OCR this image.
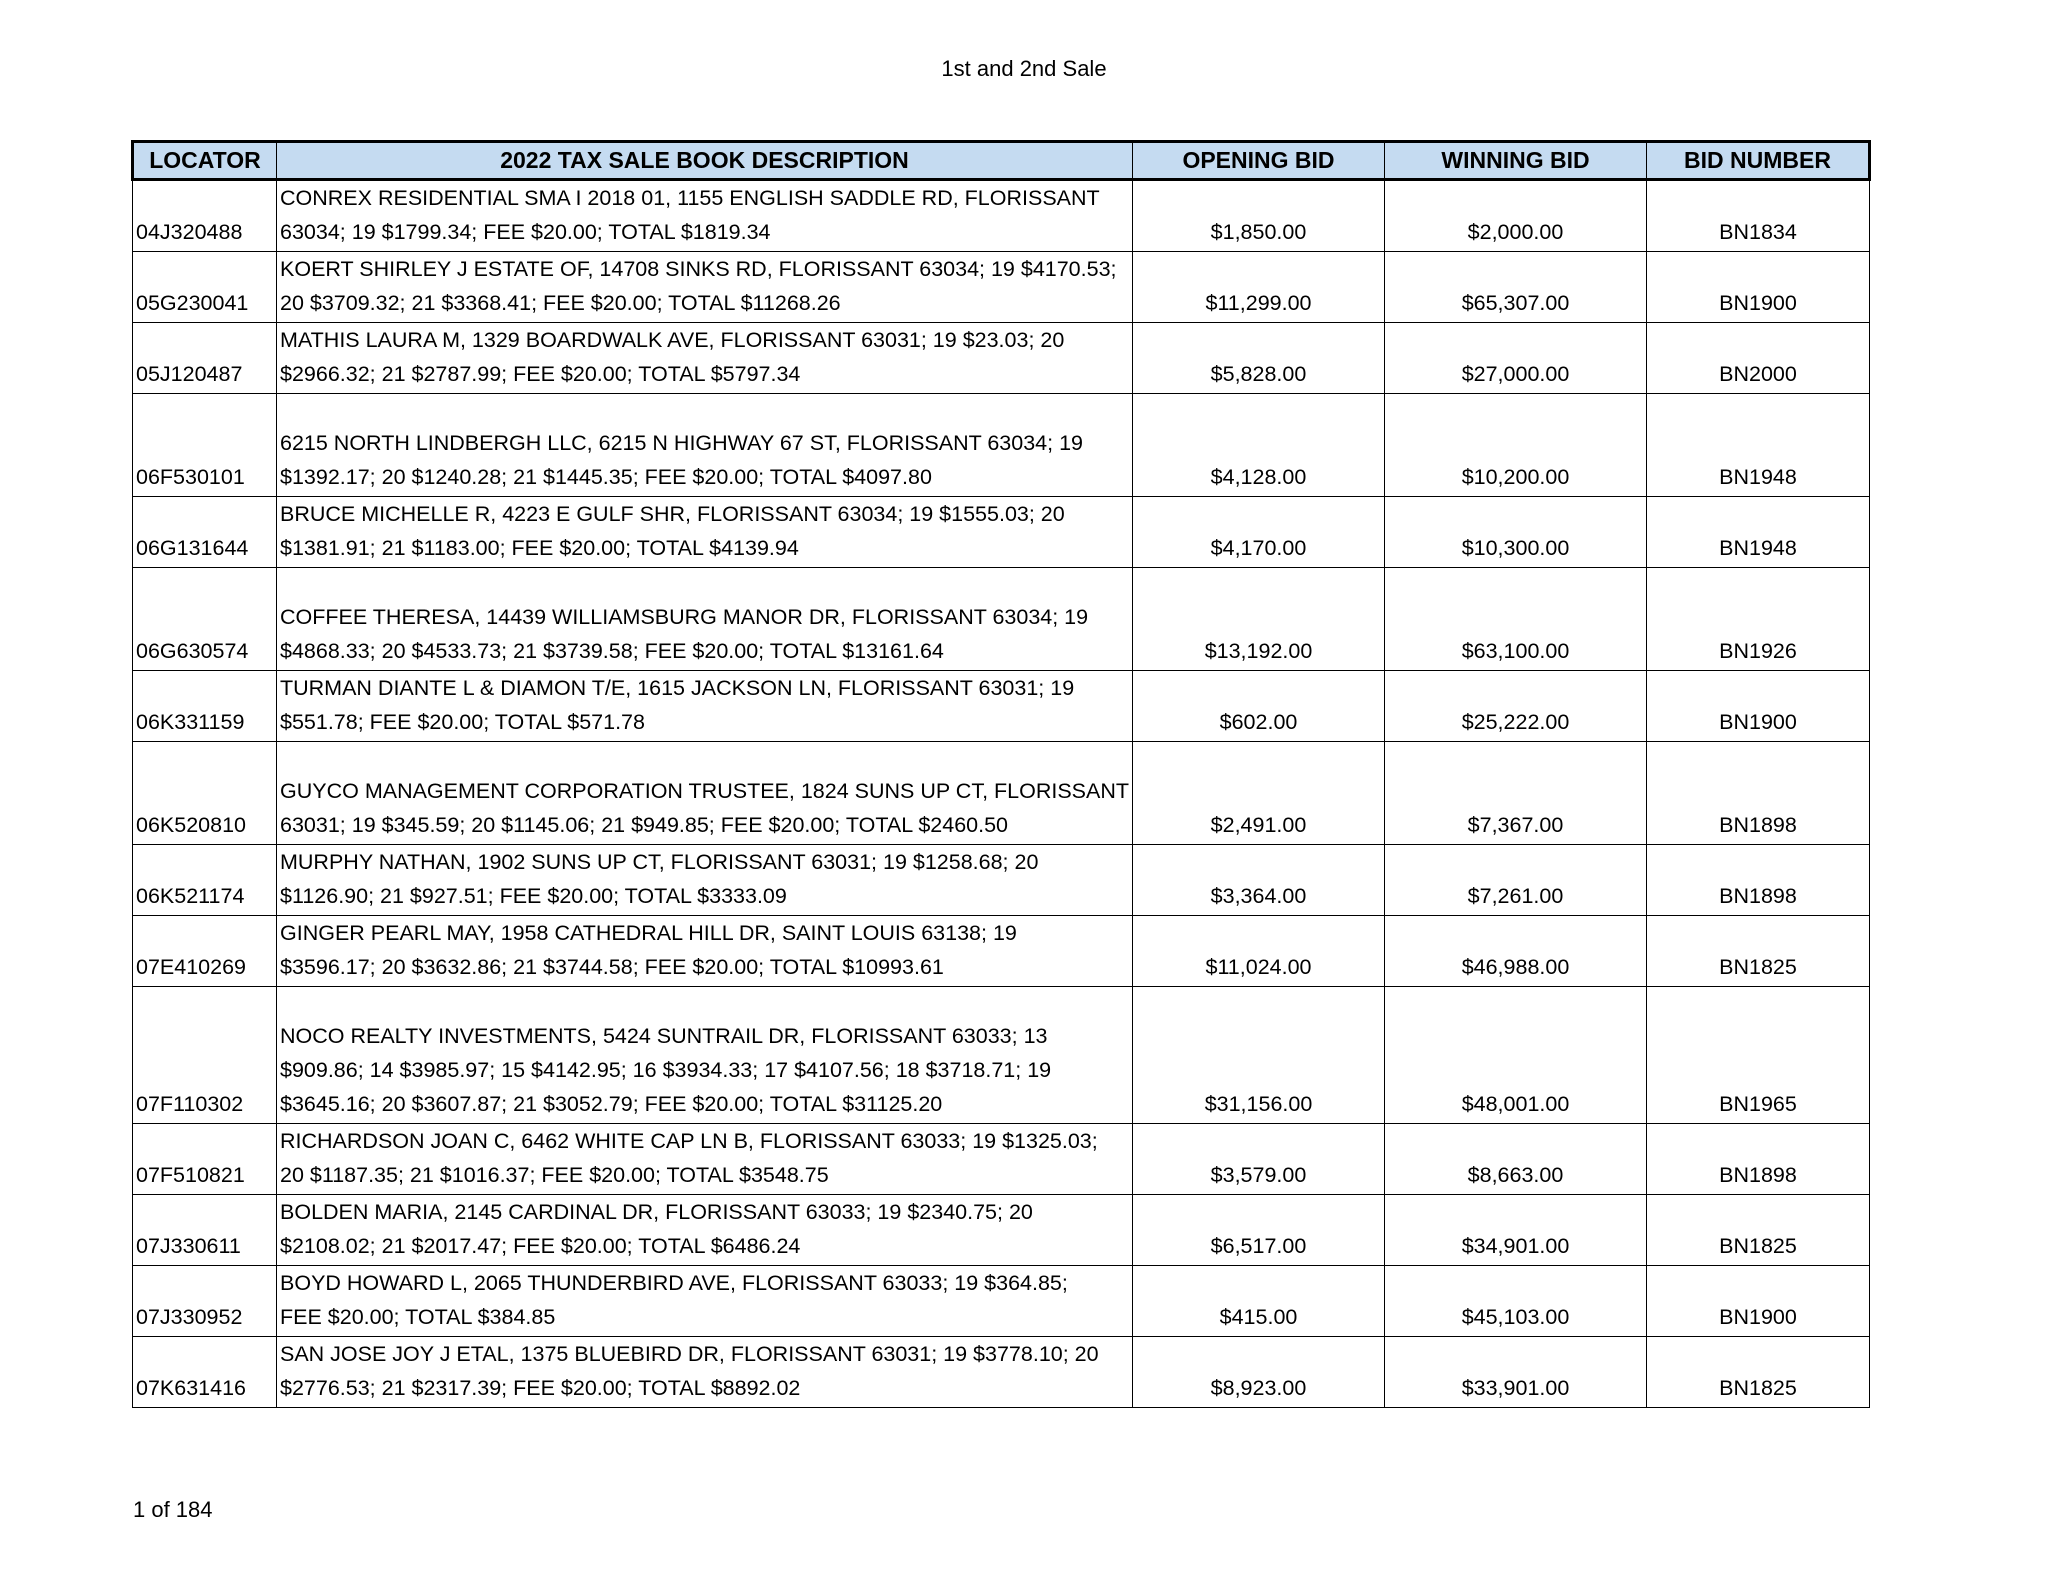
1st and 2nd Sale
LOCATOR	2022 TAX SALE BOOK DESCRIPTION	OPENING BID	WINNING BID	BID NUMBER
04J320488	CONREX RESIDENTIAL SMA I 2018 01, 1155 ENGLISH SADDLE RD, FLORISSANT
63034; 19 $1799.34; FEE $20.00; TOTAL $1819.34	$1,850.00	$2,000.00	BN1834
05G230041	KOERT SHIRLEY J ESTATE OF, 14708 SINKS RD, FLORISSANT 63034; 19 $4170.53;
20 $3709.32; 21 $3368.41; FEE $20.00; TOTAL $11268.26	$11,299.00	$65,307.00	BN1900
05J120487	MATHIS LAURA M, 1329 BOARDWALK AVE, FLORISSANT 63031; 19 $23.03; 20
$2966.32; 21 $2787.99; FEE $20.00; TOTAL $5797.34	$5,828.00	$27,000.00	BN2000
06F530101	6215 NORTH LINDBERGH LLC, 6215 N HIGHWAY 67 ST, FLORISSANT 63034; 19
$1392.17; 20 $1240.28; 21 $1445.35; FEE $20.00; TOTAL $4097.80	$4,128.00	$10,200.00	BN1948
06G131644	BRUCE MICHELLE R, 4223 E GULF SHR, FLORISSANT 63034; 19 $1555.03; 20
$1381.91; 21 $1183.00; FEE $20.00; TOTAL $4139.94	$4,170.00	$10,300.00	BN1948
06G630574	COFFEE THERESA, 14439 WILLIAMSBURG MANOR DR, FLORISSANT 63034; 19
$4868.33; 20 $4533.73; 21 $3739.58; FEE $20.00; TOTAL $13161.64	$13,192.00	$63,100.00	BN1926
06K331159	TURMAN DIANTE L & DIAMON T/E, 1615 JACKSON LN, FLORISSANT 63031; 19
$551.78; FEE $20.00; TOTAL $571.78	$602.00	$25,222.00	BN1900
06K520810	GUYCO MANAGEMENT CORPORATION TRUSTEE, 1824 SUNS UP CT, FLORISSANT
63031; 19 $345.59; 20 $1145.06; 21 $949.85; FEE $20.00; TOTAL $2460.50	$2,491.00	$7,367.00	BN1898
06K521174	MURPHY NATHAN, 1902 SUNS UP CT, FLORISSANT 63031; 19 $1258.68; 20
$1126.90; 21 $927.51; FEE $20.00; TOTAL $3333.09	$3,364.00	$7,261.00	BN1898
07E410269	GINGER PEARL MAY, 1958 CATHEDRAL HILL DR, SAINT LOUIS 63138; 19
$3596.17; 20 $3632.86; 21 $3744.58; FEE $20.00; TOTAL $10993.61	$11,024.00	$46,988.00	BN1825
07F110302	NOCO REALTY INVESTMENTS, 5424 SUNTRAIL DR, FLORISSANT 63033; 13
$909.86; 14 $3985.97; 15 $4142.95; 16 $3934.33; 17 $4107.56; 18 $3718.71; 19
$3645.16; 20 $3607.87; 21 $3052.79; FEE $20.00; TOTAL $31125.20	$31,156.00	$48,001.00	BN1965
07F510821	RICHARDSON JOAN C, 6462 WHITE CAP LN B, FLORISSANT 63033; 19 $1325.03;
20 $1187.35; 21 $1016.37; FEE $20.00; TOTAL $3548.75	$3,579.00	$8,663.00	BN1898
07J330611	BOLDEN MARIA, 2145 CARDINAL DR, FLORISSANT 63033; 19 $2340.75; 20
$2108.02; 21 $2017.47; FEE $20.00; TOTAL $6486.24	$6,517.00	$34,901.00	BN1825
07J330952	BOYD HOWARD L, 2065 THUNDERBIRD AVE, FLORISSANT 63033; 19 $364.85;
FEE $20.00; TOTAL $384.85	$415.00	$45,103.00	BN1900
07K631416	SAN JOSE JOY J ETAL, 1375 BLUEBIRD DR, FLORISSANT 63031; 19 $3778.10; 20
$2776.53; 21 $2317.39; FEE $20.00; TOTAL $8892.02	$8,923.00	$33,901.00	BN1825
1 of 184
